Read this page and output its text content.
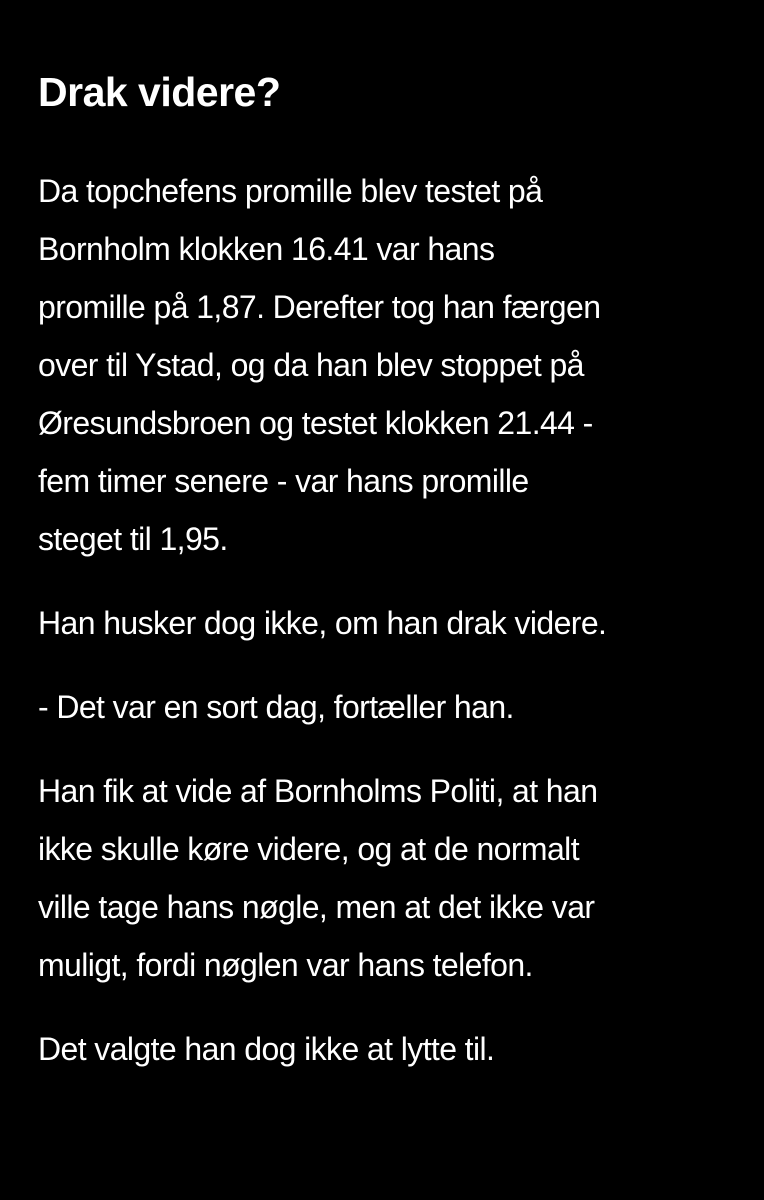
Drak videre?

Da topchefens promille blev testet på
Bornholm klokken 16.41 var hans
promille på 1,87. Derefter tog han færgen
over til Ystad, og da han blev stoppet på
Øresundsbroen og testet klokken 21.44 -
fem timer senere - var hans promille
steget til 1,95.

Han husker dog ikke, om han drak videre.

- Det var en sort dag, fortæller han.

Han fik at vide af Bornholms Politi, at han
ikke skulle køre videre, og at de normalt
ville tage hans nøgle, men at det ikke var
muligt, fordi nøglen var hans telefon.

Det valgte han dog ikke at lytte til.
